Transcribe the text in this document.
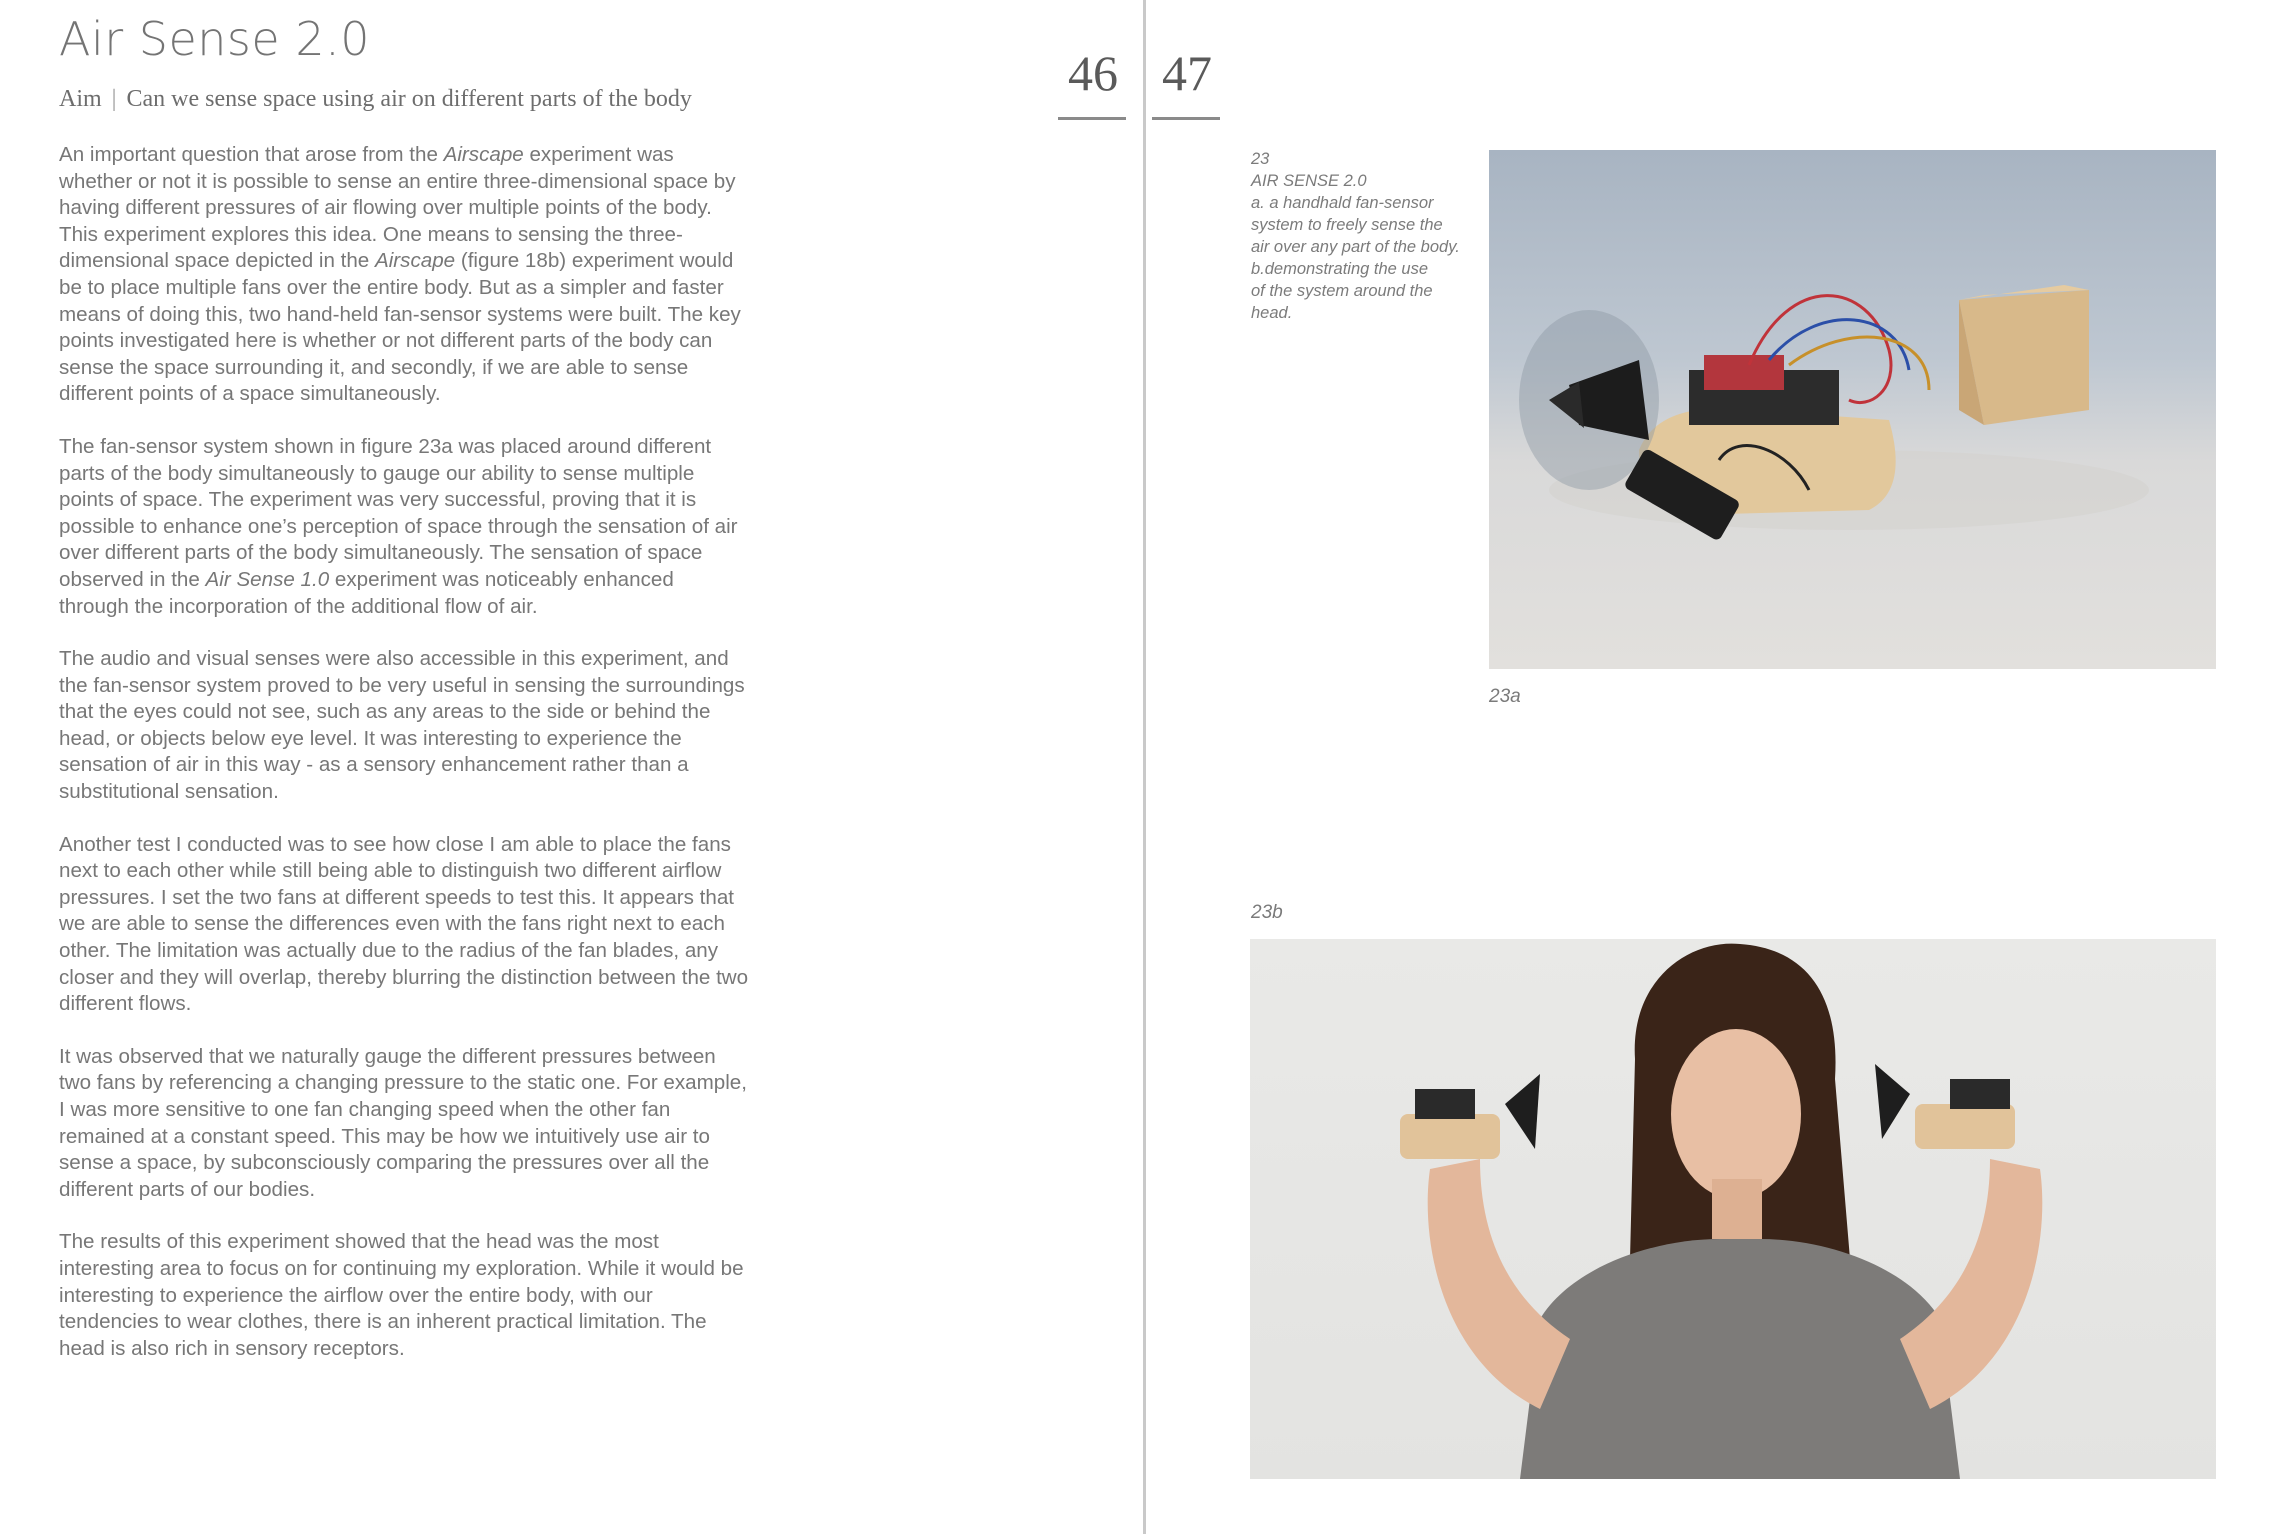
Air Sense 2.0
Aim | Can we sense space using air on different parts of the body

An important question that arose from the Airscape experiment was whether or not it is possible to sense an entire three-dimensional space by having different pressures of air flowing over multiple points of the body. This experiment explores this idea. One means to sensing the three-dimensional space depicted in the Airscape (figure 18b) experiment would be to place multiple fans over the entire body. But as a simpler and faster means of doing this, two hand-held fan-sensor systems were built. The key points investigated here is whether or not different parts of the body can sense the space surrounding it, and secondly, if we are able to sense different points of a space simultaneously.

The fan-sensor system shown in figure 23a was placed around different parts of the body simultaneously to gauge our ability to sense multiple points of space. The experiment was very successful, proving that it is possible to enhance one’s perception of space through the sensation of air over different parts of the body simultaneously. The sensation of space observed in the Air Sense 1.0 experiment was noticeably enhanced through the incorporation of the additional flow of air.

The audio and visual senses were also accessible in this experiment, and the fan-sensor system proved to be very useful in sensing the surroundings that the eyes could not see, such as any areas to the side or behind the head, or objects below eye level. It was interesting to experience the sensation of air in this way - as a sensory enhancement rather than a substitutional sensation.

Another test I conducted was to see how close I am able to place the fans next to each other while still being able to distinguish two different airflow pressures. I set the two fans at different speeds to test this. It appears that we are able to sense the differences even with the fans right next to each other. The limitation was actually due to the radius of the fan blades, any closer and they will overlap, thereby blurring the distinction between the two different flows.

It was observed that we naturally gauge the different pressures between two fans by referencing a changing pressure to the static one. For example, I was more sensitive to one fan changing speed when the other fan remained at a constant speed. This may be how we intuitively use air to sense a space, by subconsciously comparing the pressures over all the different parts of our bodies.

The results of this experiment showed that the head was the most interesting area to focus on for continuing my exploration. While it would be interesting to experience the airflow over the entire body, with our tendencies to wear clothes, there is an inherent practical limitation. The head is also rich in sensory receptors.

46 47
23
AIR SENSE 2.0
a. a handhald fan-sensor
system to freely sense the
air over any part of the body.
b.demonstrating the use
of the system around the
head.
23a
23b
